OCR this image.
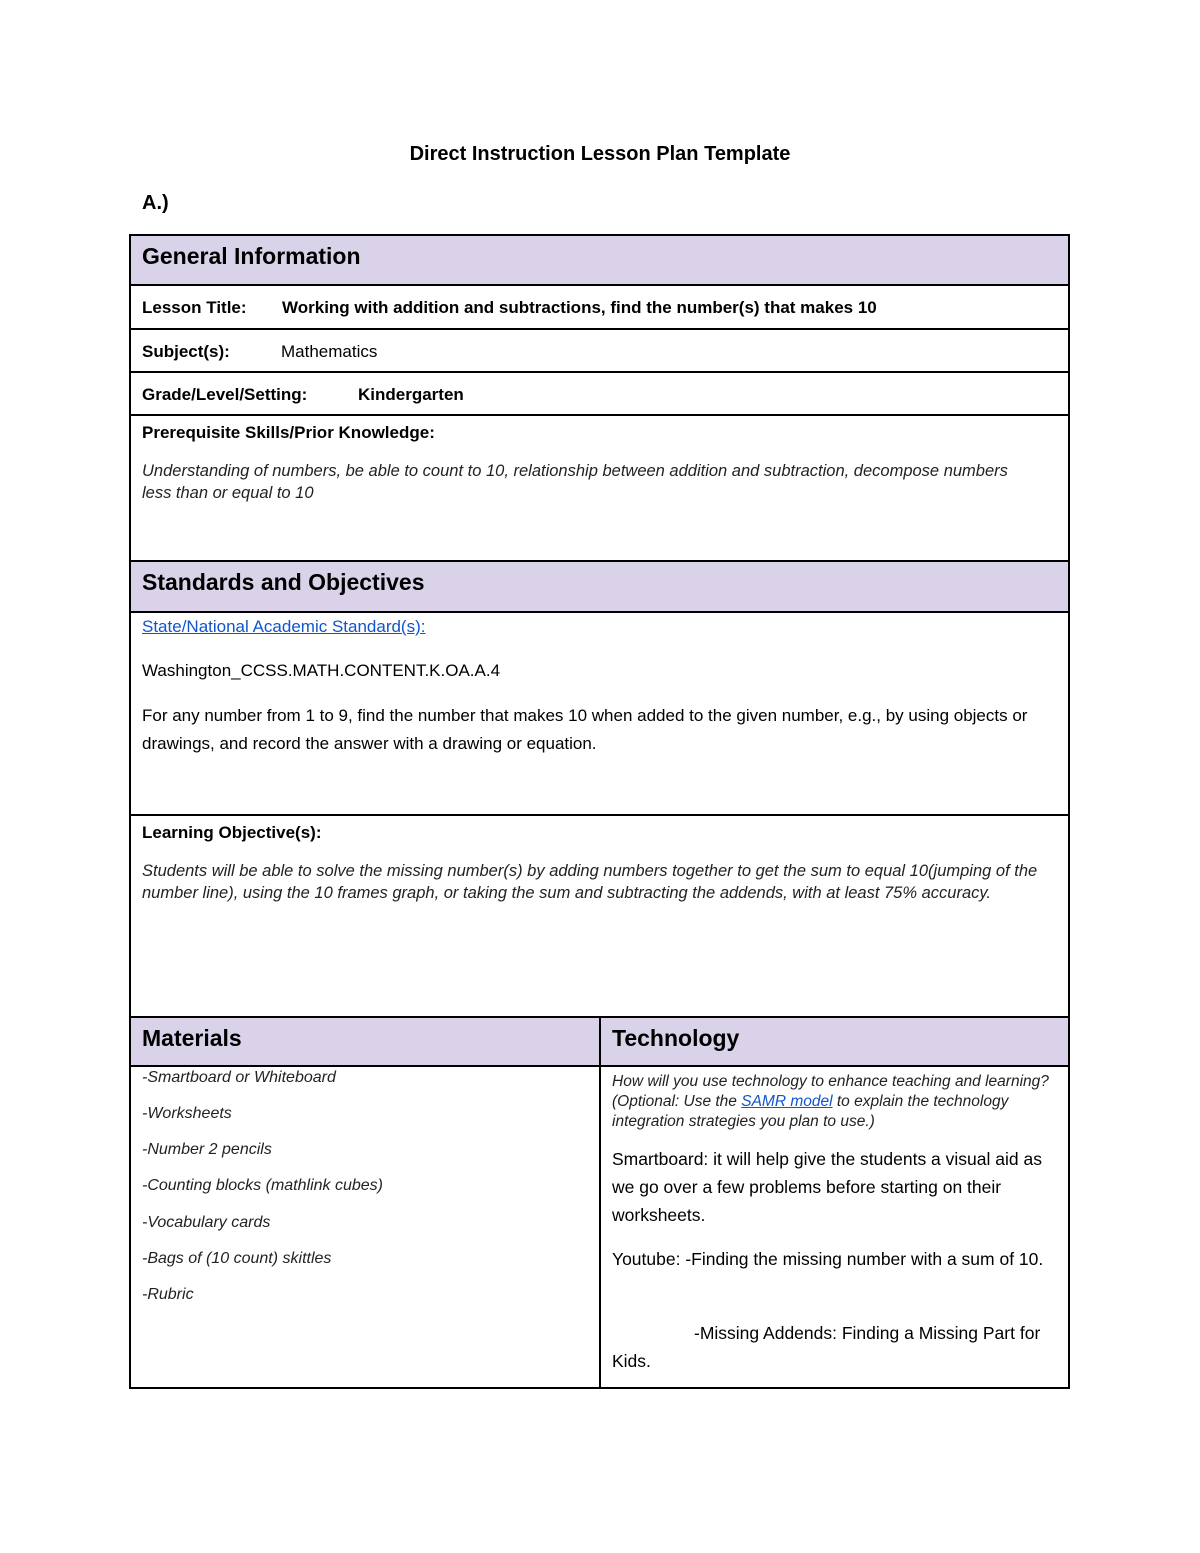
Direct Instruction Lesson Plan Template
A.)
General Information
Lesson Title: Working with addition and subtractions, find the number(s) that makes 10
Subject(s):	Mathematics
Grade/Level/Setting:	Kindergarten
Prerequisite Skills/Prior Knowledge:
Understanding of numbers, be able to count to 10, relationship between addition and subtraction, decompose numbers less than or equal to 10
Standards and Objectives
State/National Academic Standard(s):
Washington_CCSS.MATH.CONTENT.K.OA.A.4
For any number from 1 to 9, find the number that makes 10 when added to the given number, e.g., by using objects or drawings, and record the answer with a drawing or equation.
Learning Objective(s):
Students will be able to solve the missing number(s) by adding numbers together to get the sum to equal 10(jumping of the number line), using the 10 frames graph, or taking the sum and subtracting the addends, with at least 75% accuracy.
Materials	Technology
-Smartboard or Whiteboard
-Worksheets
-Number 2 pencils
-Counting blocks (mathlink cubes)
-Vocabulary cards
-Bags of (10 count) skittles
-Rubric
How will you use technology to enhance teaching and learning? (Optional: Use the SAMR model to explain the technology integration strategies you plan to use.)
Smartboard: it will help give the students a visual aid as we go over a few problems before starting on their worksheets.
Youtube: -Finding the missing number with a sum of 10.
-Missing Addends: Finding a Missing Part for Kids.
